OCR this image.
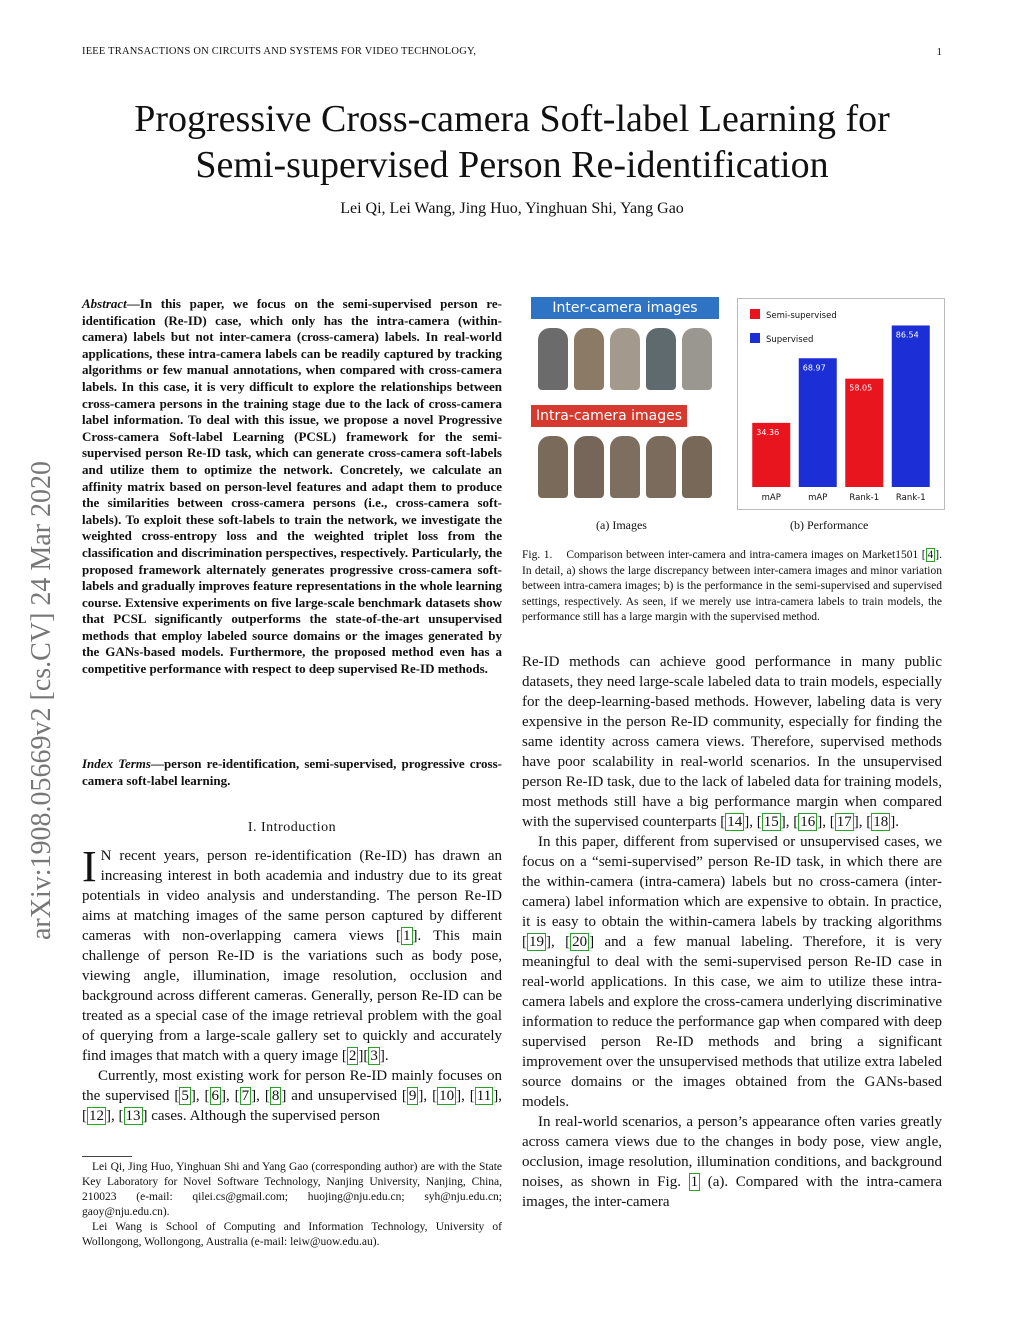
IEEE TRANSACTIONS ON CIRCUITS AND SYSTEMS FOR VIDEO TECHNOLOGY,	1
Progressive Cross-camera Soft-label Learning for
Semi-supervised Person Re-identification
Lei Qi, Lei Wang, Jing Huo, Yinghuan Shi, Yang Gao
arXiv:1908.05669v2 [cs.CV] 24 Mar 2020
Abstract—In this paper, we focus on the semi-supervised person re-identification (Re-ID) case, which only has the intra-camera (within-camera) labels but not inter-camera (cross-camera) labels. In real-world applications, these intra-camera labels can be readily captured by tracking algorithms or few manual annotations, when compared with cross-camera labels. In this case, it is very difficult to explore the relationships between cross-camera persons in the training stage due to the lack of cross-camera label information. To deal with this issue, we propose a novel Progressive Cross-camera Soft-label Learning (PCSL) framework for the semi-supervised person Re-ID task, which can generate cross-camera soft-labels and utilize them to optimize the network. Concretely, we calculate an affinity matrix based on person-level features and adapt them to produce the similarities between cross-camera persons (i.e., cross-camera soft-labels). To exploit these soft-labels to train the network, we investigate the weighted cross-entropy loss and the weighted triplet loss from the classification and discrimination perspectives, respectively. Particularly, the proposed framework alternately generates progressive cross-camera soft-labels and gradually improves feature representations in the whole learning course. Extensive experiments on five large-scale benchmark datasets show that PCSL significantly outperforms the state-of-the-art unsupervised methods that employ labeled source domains or the images generated by the GANs-based models. Furthermore, the proposed method even has a competitive performance with respect to deep supervised Re-ID methods.
Index Terms—person re-identification, semi-supervised, progressive cross-camera soft-label learning.
I. Introduction

I N recent years, person re-identification (Re-ID) has drawn an increasing interest in both academia and industry due to its great potentials in video analysis and understanding. The person Re-ID aims at matching images of the same person captured by different cameras with non-overlapping camera views [ 1 ]. This main challenge of person Re-ID is the variations such as body pose, viewing angle, illumination, image resolution, occlusion and background across different cameras. Generally, person Re-ID can be treated as a special case of the image retrieval problem with the goal of querying from a large-scale gallery set to quickly and accurately find images that match with a query image [ 2 ][ 3 ].

Currently, most existing work for person Re-ID mainly focuses on the supervised [ 5 ], [ 6 ], [ 7 ], [ 8 ] and unsupervised [ 9 ], [ 10 ], [ 11 ], [ 12 ], [ 13 ] cases. Although the supervised person

Lei Qi, Jing Huo, Yinghuan Shi and Yang Gao (corresponding author) are with the State Key Laboratory for Novel Software Technology, Nanjing University, Nanjing, China, 210023 (e-mail: qilei.cs@gmail.com; huojing@nju.edu.cn; syh@nju.edu.cn; gaoy@nju.edu.cn).

Lei Wang is School of Computing and Information Technology, University of Wollongong, Wollongong, Australia (e-mail: leiw@uow.edu.au).

Inter-camera images
Intra-camera images
34.36
mAP
68.97
mAP
58.05
Rank-1
86.54
Rank-1
Semi-supervised
Supervised
(a) Images	(b) Performance
Fig. 1. Comparison between inter-camera and intra-camera images on Market1501 [ 4 ]. In detail, a) shows the large discrepancy between inter-camera images and minor variation between intra-camera images; b) is the performance in the semi-supervised and supervised settings, respectively. As seen, if we merely use intra-camera labels to train models, the performance still has a large margin with the supervised method.

Re-ID methods can achieve good performance in many public datasets, they need large-scale labeled data to train models, especially for the deep-learning-based methods. However, labeling data is very expensive in the person Re-ID community, especially for finding the same identity across camera views. Therefore, supervised methods have poor scalability in real-world scenarios. In the unsupervised person Re-ID task, due to the lack of labeled data for training models, most methods still have a big performance margin when compared with the supervised counterparts [ 14 ], [ 15 ], [ 16 ], [ 17 ], [ 18 ].

In this paper, different from supervised or unsupervised cases, we focus on a “semi-supervised” person Re-ID task, in which there are the within-camera (intra-camera) labels but no cross-camera (inter-camera) label information which are expensive to obtain. In practice, it is easy to obtain the within-camera labels by tracking algorithms [ 19 ], [ 20 ] and a few manual labeling. Therefore, it is very meaningful to deal with the semi-supervised person Re-ID case in real-world applications. In this case, we aim to utilize these intra-camera labels and explore the cross-camera underlying discriminative information to reduce the performance gap when compared with deep supervised person Re-ID methods and bring a significant improvement over the unsupervised methods that utilize extra labeled source domains or the images obtained from the GANs-based models.

In real-world scenarios, a person’s appearance often varies greatly across camera views due to the changes in body pose, view angle, occlusion, image resolution, illumination conditions, and background noises, as shown in Fig. 1 (a). Compared with the intra-camera images, the inter-camera
